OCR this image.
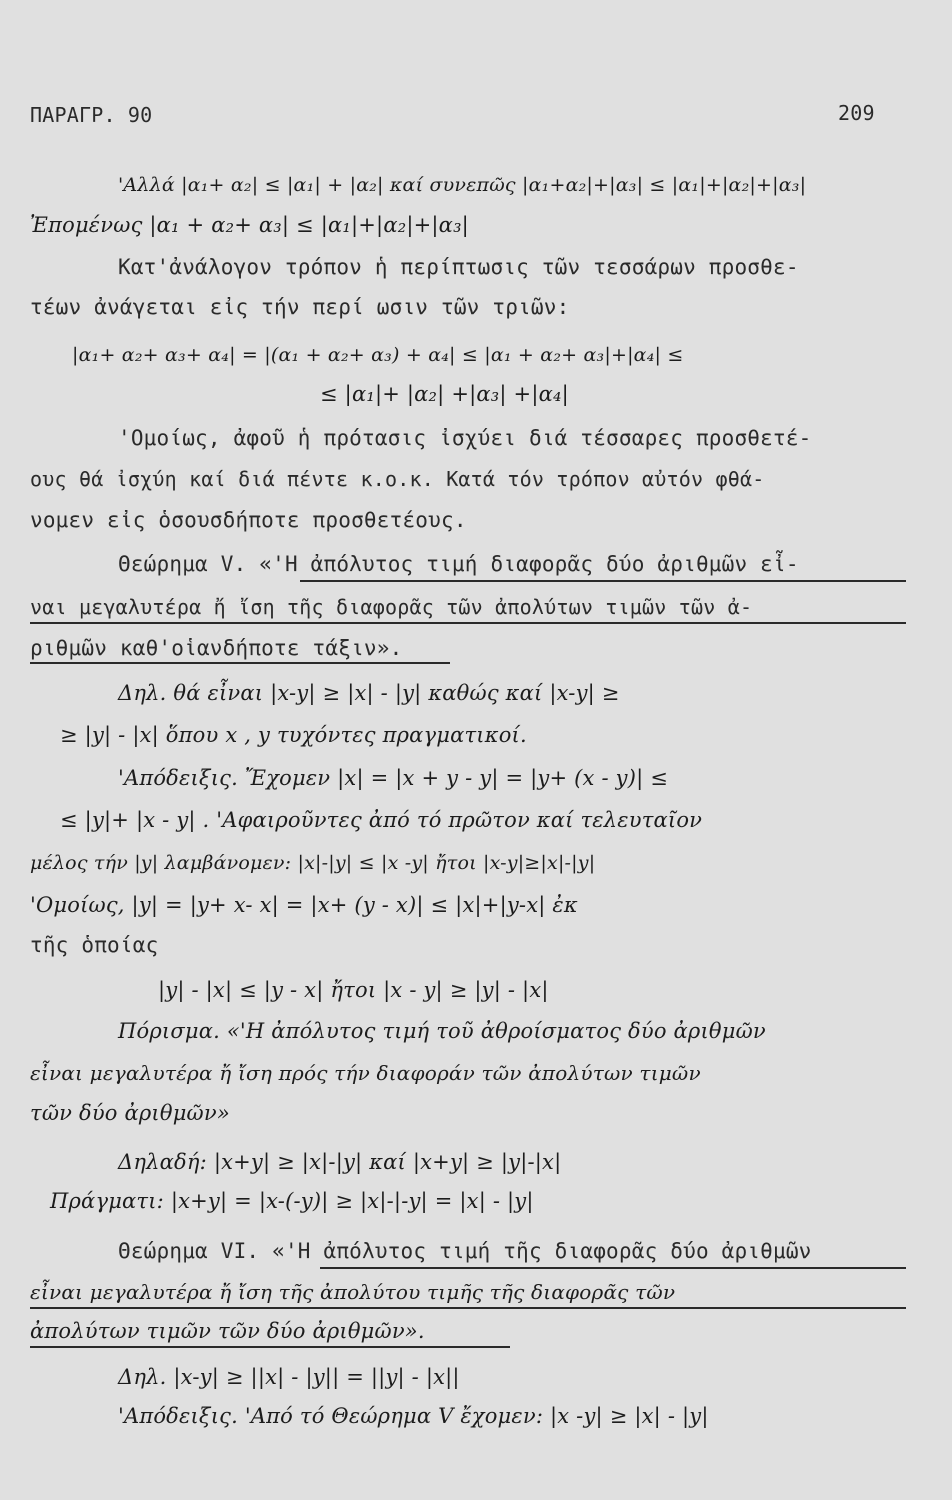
ΠΑΡΑΓΡ. 90	209
'Αλλά |α₁+ α₂| ≤ |α₁| + |α₂| καί συνεπῶς |α₁+α₂|+|α₃| ≤ |α₁|+|α₂|+|α₃|
Ἐπομένως |α₁ + α₂+ α₃| ≤ |α₁|+|α₂|+|α₃|
Κατ'ἀνάλογον τρόπον ἡ περίπτωσις τῶν τεσσάρων προσθε-
τέων ἀνάγεται εἰς τήν περί ωσιν τῶν τριῶν:
|α₁+ α₂+ α₃+ α₄| = |(α₁ + α₂+ α₃) + α₄| ≤ |α₁ + α₂+ α₃|+|α₄| ≤
≤ |α₁|+ |α₂| +|α₃| +|α₄|
'Ομοίως, ἀφοῦ ἡ πρότασις ἰσχύει διά τέσσαρες προσθετέ-
ους θά ἰσχύη καί διά πέντε κ.ο.κ. Κατά τόν τρόπον αὐτόν φθά-
νομεν εἰς ὁσουσδήποτε προσθετέους.
Θεώρημα V. «'Η ἀπόλυτος τιμή διαφορᾶς δύο ἀριθμῶν εἶ-
ναι μεγαλυτέρα ἤ ἴση τῆς διαφορᾶς τῶν ἀπολύτων τιμῶν τῶν ἀ-
ριθμῶν καθ'οἱανδήποτε τάξιν».
Δηλ. θά εἶναι |x-y| ≥ |x| - |y| καθώς καί |x-y| ≥
≥ |y| - |x| ὅπου x , y τυχόντες πραγματικοί.
'Απόδειξις. Ἔχομεν |x| = |x + y - y| = |y+ (x - y)| ≤
≤ |y|+ |x - y| . 'Αφαιροῦντες ἀπό τό πρῶτον καί τελευταῖον
μέλος τήν |y| λαμβάνομεν: |x|-|y| ≤ |x -y| ἤτοι |x-y|≥|x|-|y|
'Ομοίως, |y| = |y+ x- x| = |x+ (y - x)| ≤ |x|+|y-x| ἐκ
τῆς ὁποίας
|y| - |x| ≤ |y - x| ἤτοι |x - y| ≥ |y| - |x|
Πόρισμα. «'Η ἀπόλυτος τιμή τοῦ ἀθροίσματος δύο ἀριθμῶν
εἶναι μεγαλυτέρα ἤ ἴση πρός τήν διαφοράν τῶν ἀπολύτων τιμῶν
τῶν δύο ἀριθμῶν»
Δηλαδή: |x+y| ≥ |x|-|y| καί |x+y| ≥ |y|-|x|
Πράγματι: |x+y| = |x-(-y)| ≥ |x|-|-y| = |x| - |y|
Θεώρημα VI. «'Η ἀπόλυτος τιμή τῆς διαφορᾶς δύο ἀριθμῶν
εἶναι μεγαλυτέρα ἤ ἴση τῆς ἀπολύτου τιμῆς τῆς διαφορᾶς τῶν
ἀπολύτων τιμῶν τῶν δύο ἀριθμῶν».
Δηλ. |x-y| ≥ ||x| - |y|| = ||y| - |x||
'Απόδειξις. 'Από τό Θεώρημα V ἔχομεν: |x -y| ≥ |x| - |y|
